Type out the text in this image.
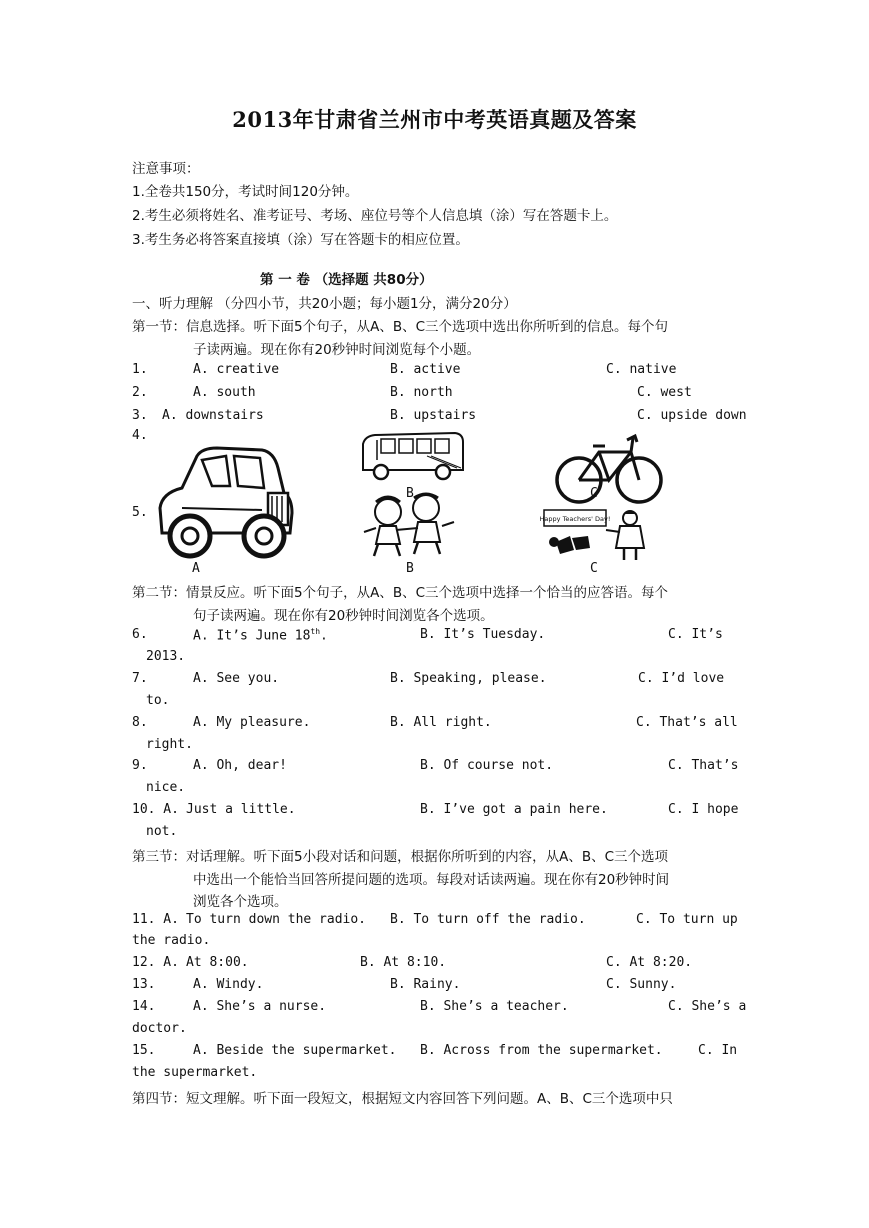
2013年甘肃省兰州市中考英语真题及答案
注意事项：
1.全卷共150分，考试时间120分钟。
2.考生必须将姓名、准考证号、考场、座位号等个人信息填（涂）写在答题卡上。
3.考生务必将答案直接填（涂）写在答题卡的相应位置。
第 一 卷 （选择题 共80分）
一、听力理解 （分四小节，共20小题；每小题1分，满分20分）
第一节：信息选择。听下面5个句子，从A、B、C三个选项中选出你所听到的信息。每个句
子读两遍。现在你有20秒钟时间浏览每个小题。
1.	A. creative	B. active	C. native
2.	A. south	B. north	C. west
3. A. downstairs	B. upstairs	C. upside down
4.
5.
B	C
Happy Teachers' Day!
A	B	C
第二节：情景反应。听下面5个句子，从A、B、C三个选项中选择一个恰当的应答语。每个
句子读两遍。现在你有20秒钟时间浏览各个选项。
6.	A. It’s June 18th.	B. It’s Tuesday.	C. It’s
2013.
7.	A. See you.	B. Speaking, please.	C. I’d love
to.
8.	A. My pleasure.	B. All right.	C. That’s all
right.
9.	A. Oh, dear!	B. Of course not.	C. That’s
nice.
10. A. Just a little.	B. I’ve got a pain here.	C. I hope
not.
第三节：对话理解。听下面5小段对话和问题，根据你所听到的内容，从A、B、C三个选项
中选出一个能恰当回答所提问题的选项。每段对话读两遍。现在你有20秒钟时间
浏览各个选项。
11. A. To turn down the radio. B. To turn off the radio.	C. To turn up
the radio.
12. A. At 8:00.	B. At 8:10.	C. At 8:20.
13.	A. Windy.	B. Rainy.	C. Sunny.
14.	A. She’s a nurse.	B. She’s a teacher.	C. She’s a
doctor.
15.	A. Beside the supermarket. B. Across from the supermarket.	C. In
the supermarket.
第四节：短文理解。听下面一段短文，根据短文内容回答下列问题。A、B、C三个选项中只
